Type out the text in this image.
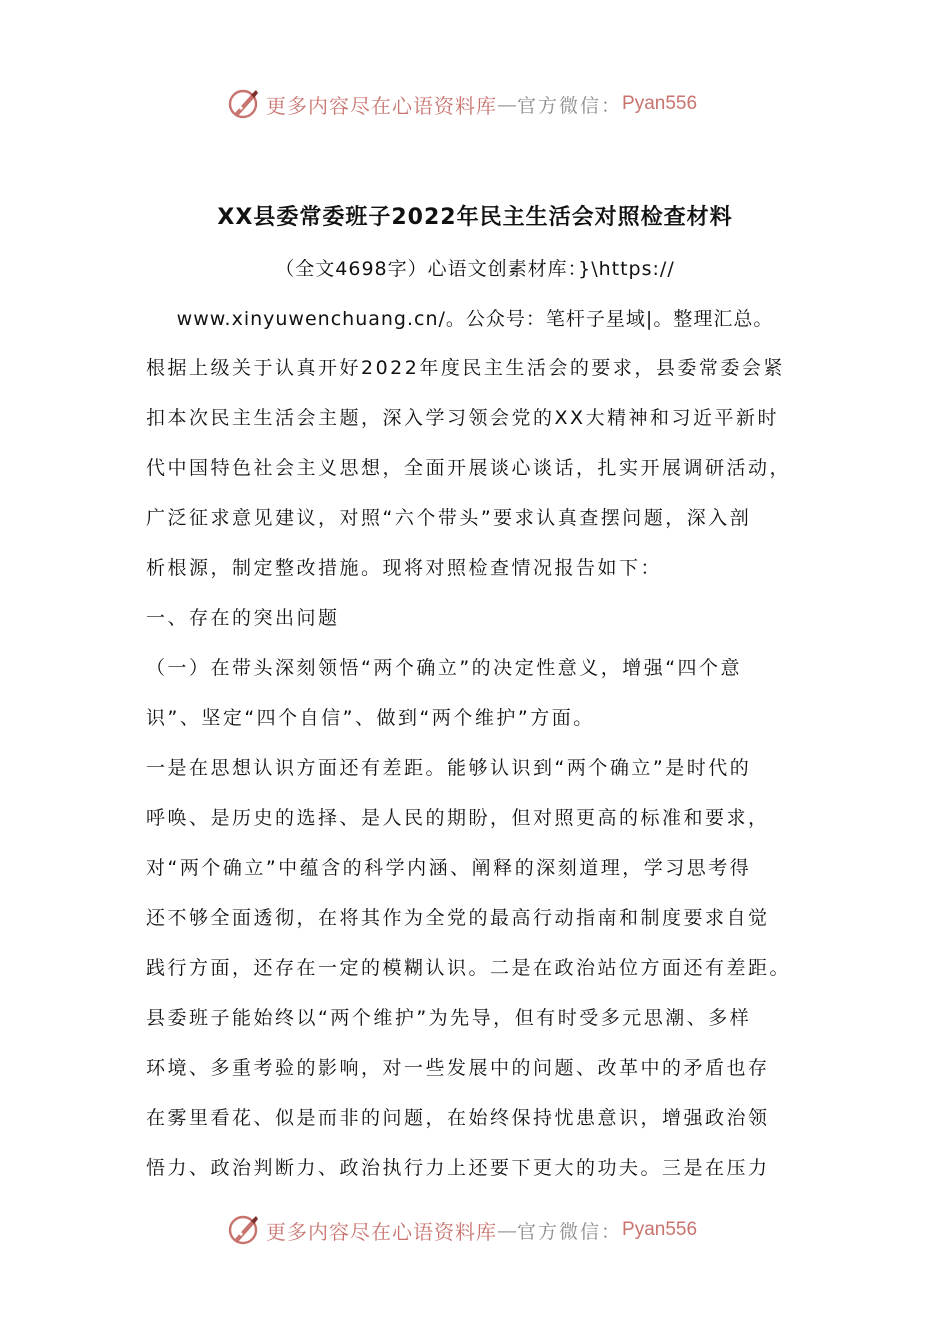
更多内容尽在心语资料库 — 官方微信： Pyan556
XX县委常委班子2022年民主生活会对照检查材料
（全文4698字）心语文创素材库：}\https://
www.xinyuwenchuang.cn/。公众号：笔杆子星域|。整理汇总。
根据上级关于认真开好2022年度民主生活会的要求，县委常委会紧
扣本次民主生活会主题，深入学习领会党的XX大精神和习近平新时
代中国特色社会主义思想，全面开展谈心谈话，扎实开展调研活动，
广泛征求意见建议，对照“六个带头”要求认真查摆问题，深入剖
析根源，制定整改措施。现将对照检查情况报告如下：
一、存在的突出问题
（一）在带头深刻领悟“两个确立”的决定性意义，增强“四个意
识”、坚定“四个自信”、做到“两个维护”方面。
一是在思想认识方面还有差距。能够认识到“两个确立”是时代的
呼唤、是历史的选择、是人民的期盼，但对照更高的标准和要求，
对“两个确立”中蕴含的科学内涵、阐释的深刻道理，学习思考得
还不够全面透彻，在将其作为全党的最高行动指南和制度要求自觉
践行方面，还存在一定的模糊认识。二是在政治站位方面还有差距。
县委班子能始终以“两个维护”为先导，但有时受多元思潮、多样
环境、多重考验的影响，对一些发展中的问题、改革中的矛盾也存
在雾里看花、似是而非的问题，在始终保持忧患意识，增强政治领
悟力、政治判断力、政治执行力上还要下更大的功夫。三是在压力
更多内容尽在心语资料库 — 官方微信： Pyan556
